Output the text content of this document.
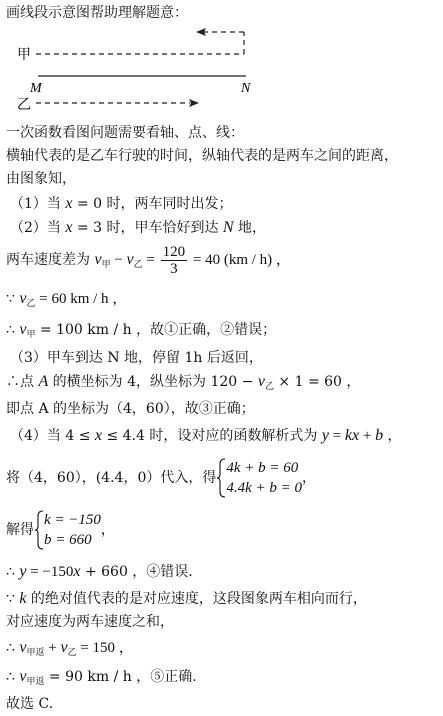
画线段示意图帮助理解题意：
甲
M	N
乙
一次函数看图问题需要看轴、点、线：
横轴代表的是乙车行驶的时间，纵轴代表的是两车之间的距离，
由图象知，
（1）当 x = 0 时，两车同时出发；
（2）当 x = 3 时，甲车恰好到达 N 地，
两车速度差为 $v_甲 - v_乙 = \frac{120}{3} = 40$ (km / h) ，
∵ $v_乙 = 60$ km / h ，
∴ $v_甲 = 100$ km / h ，故①正确，②错误；
（3）甲车到达 N 地，停留 1h 后返回，
∴点 A 的横坐标为 4，纵坐标为 $120 - v_乙 \times 1 = 60$ ，
即点 A 的坐标为（4，60），故③正确；
（4）当 4 ≤ x ≤ 4.4 时，设对应的函数解析式为 y = kx + b ，
将（4，60），(4.4，0）代入，得
4k + b = 60
4.4k + b = 0
，
解得
k = −150
b = 660
，
∴ y = −150x + 660 ，④错误.
∵ k 的绝对值代表的是对应速度，这段图象两车相向而行，
对应速度为两车速度之和，
∴ $v_{甲返} + v_乙 = 150$ ，
∴ $v_{甲返} = 90$ km / h ，⑤正确.
故选 C.
